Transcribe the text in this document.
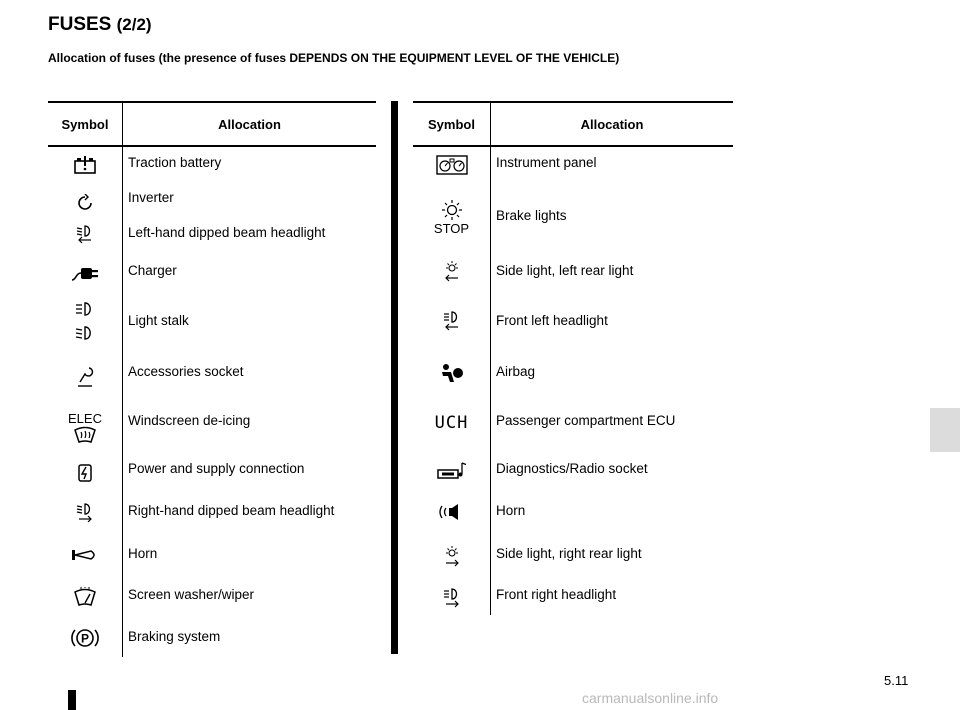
FUSES (2/2)
Allocation of fuses (the presence of fuses DEPENDS ON THE EQUIPMENT LEVEL OF THE VEHICLE)
Symbol	Allocation
ELEC
P
Traction battery
Inverter
Left-hand dipped beam headlight
Charger
Light stalk
Accessories socket
Windscreen de-icing
Power and supply connection
Right-hand dipped beam headlight
Horn
Screen washer/wiper
Braking system
Symbol	Allocation
STOP
UCH
Instrument panel
Brake lights
Side light, left rear light
Front left headlight
Airbag
Passenger compartment ECU
Diagnostics/Radio socket
Horn
Side light, right rear light
Front right headlight
5.11
carmanualsonline.info
